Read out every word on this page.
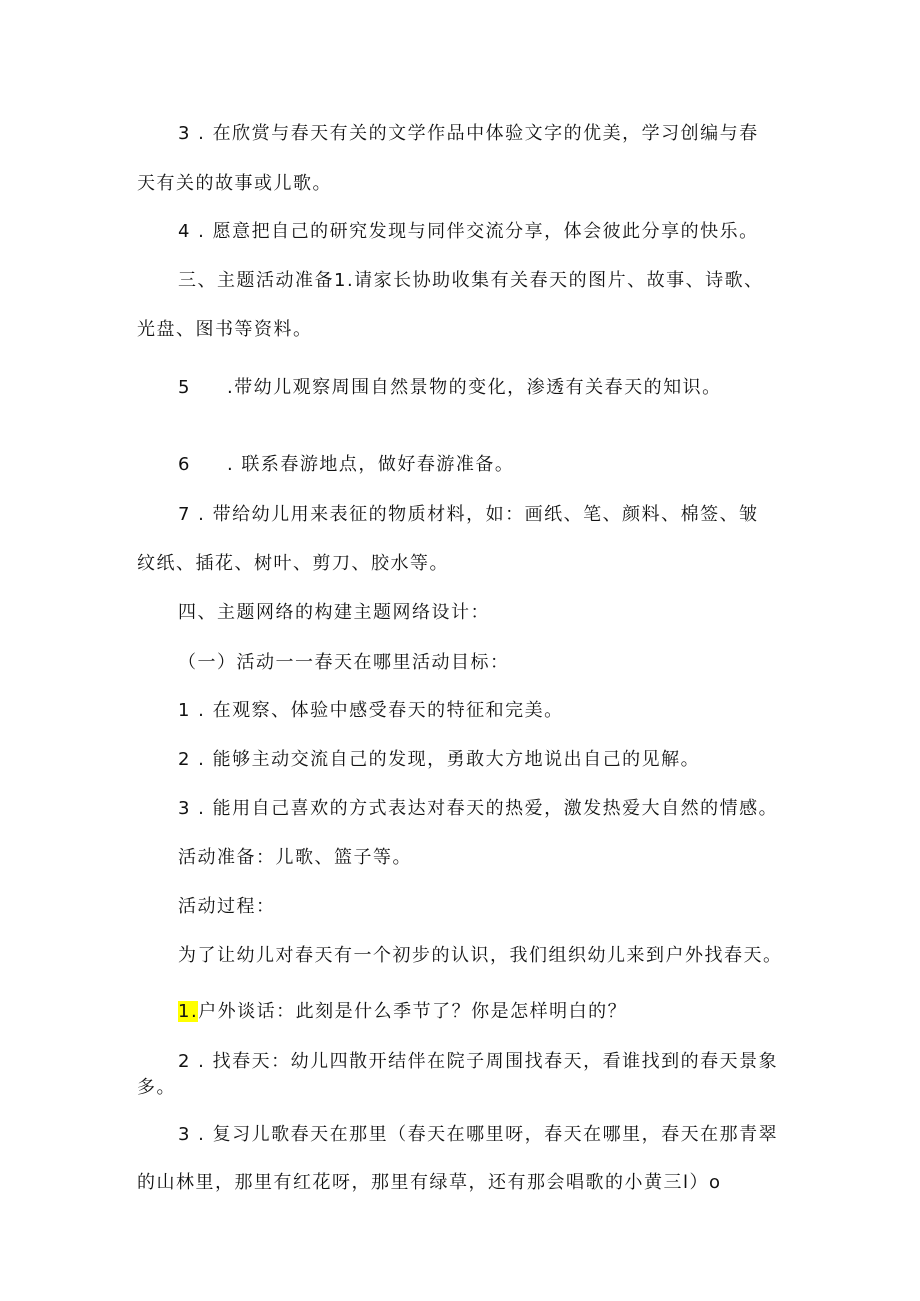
3 . 在欣赏与春天有关的文学作品中体验文字的优美，学习创编与春
天有关的故事或儿歌。
4 . 愿意把自己的研究发现与同伴交流分享，体会彼此分享的快乐。
三、主题活动准备1.请家长协助收集有关春天的图片、故事、诗歌、
光盘、图书等资料。
5 .带幼儿观察周围自然景物的变化，渗透有关春天的知识。
6 . 联系春游地点，做好春游准备。
7 . 带给幼儿用来表征的物质材料，如：画纸、笔、颜料、棉签、皱
纹纸、插花、树叶、剪刀、胶水等。
四、主题网络的构建主题网络设计：
（一）活动一一春天在哪里活动目标：
1 . 在观察、体验中感受春天的特征和完美。
2 . 能够主动交流自己的发现，勇敢大方地说出自己的见解。
3 . 能用自己喜欢的方式表达对春天的热爱，激发热爱大自然的情感。
活动准备：儿歌、篮子等。
活动过程：
为了让幼儿对春天有一个初步的认识，我们组织幼儿来到户外找春天。
1.户外谈话：此刻是什么季节了？你是怎样明白的？
2 . 找春天：幼儿四散开结伴在院子周围找春天，看谁找到的春天景象
多。
3 . 复习儿歌春天在那里（春天在哪里呀，春天在哪里，春天在那青翠
的山林里，那里有红花呀，那里有绿草，还有那会唱歌的小黄三l）o
